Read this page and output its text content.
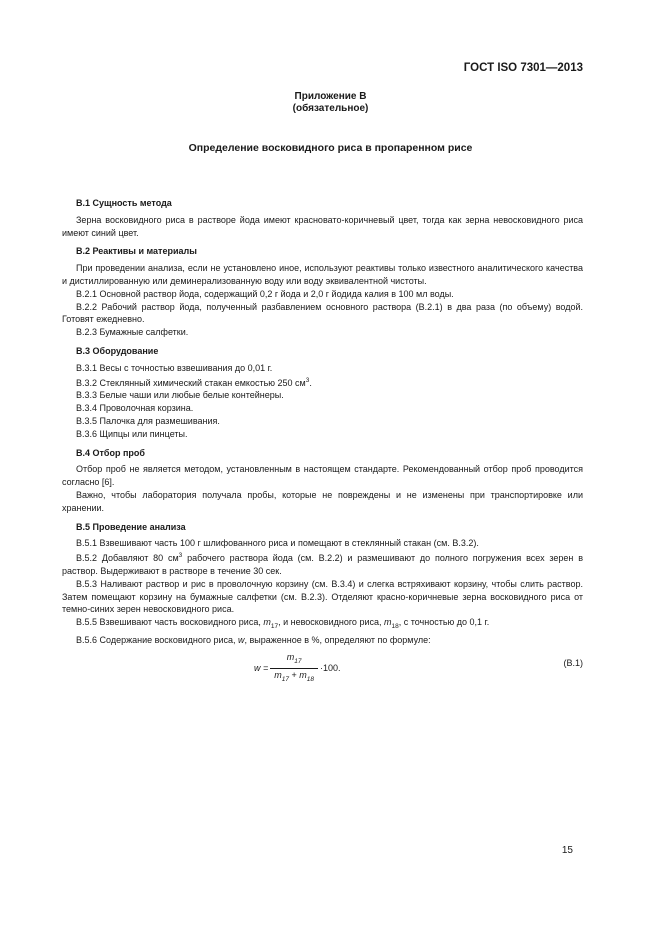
ГОСТ ISO 7301—2013
Приложение В
(обязательное)
Определение восковидного риса в пропаренном рисе
В.1 Сущность метода

Зерна восковидного риса в растворе йода имеют красновато-коричневый цвет, тогда как зерна невосковидного риса имеют синий цвет.

В.2 Реактивы и материалы

При проведении анализа, если не установлено иное, используют реактивы только известного аналитического качества и дистиллированную или деминерализованную воду или воду эквивалентной чистоты.

В.2.1 Основной раствор йода, содержащий 0,2 г йода и 2,0 г йодида калия в 100 мл воды.

В.2.2 Рабочий раствор йода, полученный разбавлением основного раствора (В.2.1) в два раза (по объему) водой. Готовят ежедневно.

В.2.3 Бумажные салфетки.

В.3 Оборудование

В.3.1 Весы с точностью взвешивания до 0,01 г.

В.3.2 Стеклянный химический стакан емкостью 250 $см^3$.

В.3.3 Белые чаши или любые белые контейнеры.

В.3.4 Проволочная корзина.

В.3.5 Палочка для размешивания.

В.3.6 Щипцы или пинцеты.

В.4 Отбор проб

Отбор проб не является методом, установленным в настоящем стандарте. Рекомендованный отбор проб проводится согласно [6].

Важно, чтобы лаборатория получала пробы, которые не повреждены и не изменены при транспортировке или хранении.

В.5 Проведение анализа

В.5.1 Взвешивают часть 100 г шлифованного риса и помещают в стеклянный стакан (см. В.3.2).

В.5.2 Добавляют 80 $см^3$ рабочего раствора йода (см. В.2.2) и размешивают до полного погружения всех зерен в раствор. Выдерживают в растворе в течение 30 сек.

В.5.3 Наливают раствор и рис в проволочную корзину (см. В.3.4) и слегка встряхивают корзину, чтобы слить раствор. Затем помещают корзину на бумажные салфетки (см. В.2.3). Отделяют красно-коричневые зерна восковидного риса от темно-синих зерен невосковидного риса.

В.5.5 Взвешивают часть восковидного риса, $m_{17}$, и невосковидного риса, $m_{18}$, с точностью до 0,1 г.

В.5.6 Содержание восковидного риса, w, выраженное в %, определяют по формуле:

$w = \frac{m_{17}}{m_{17} + m_{18}} \cdot 100$.
(В.1)
15
